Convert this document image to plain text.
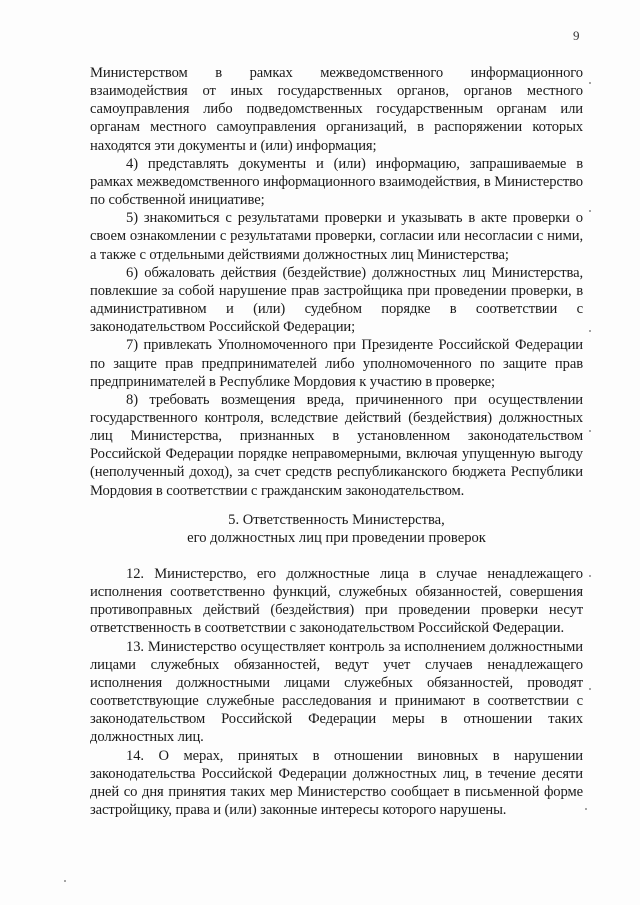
9

Министерством в рамках межведомственного информационного взаимодействия от иных государственных органов, органов местного самоуправления либо подведомственных государственным органам или органам местного самоуправления организаций, в распоряжении которых находятся эти документы и (или) информация;

4) представлять документы и (или) информацию, запрашиваемые в рамках межведомственного информационного взаимодействия, в Министерство по собственной инициативе;

5) знакомиться с результатами проверки и указывать в акте проверки о своем ознакомлении с результатами проверки, согласии или несогласии с ними, а также с отдельными действиями должностных лиц Министерства;

6) обжаловать действия (бездействие) должностных лиц Министерства, повлекшие за собой нарушение прав застройщика при проведении проверки, в административном и (или) судебном порядке в соответствии с законодательством Российской Федерации;

7) привлекать Уполномоченного при Президенте Российской Федерации по защите прав предпринимателей либо уполномоченного по защите прав предпринимателей в Республике Мордовия к участию в проверке;

8) требовать возмещения вреда, причиненного при осуществлении государственного контроля, вследствие действий (бездействия) должностных лиц Министерства, признанных в установленном законодательством Российской Федерации порядке неправомерными, включая упущенную выгоду (неполученный доход), за счет средств республиканского бюджета Республики Мордовия в соответствии с гражданским законодательством.

5. Ответственность Министерства,
его должностных лиц при проведении проверок

12. Министерство, его должностные лица в случае ненадлежащего исполнения соответственно функций, служебных обязанностей, совершения противоправных действий (бездействия) при проведении проверки несут ответственность в соответствии с законодательством Российской Федерации.

13. Министерство осуществляет контроль за исполнением должностными лицами служебных обязанностей, ведут учет случаев ненадлежащего исполнения должностными лицами служебных обязанностей, проводят соответствующие служебные расследования и принимают в соответствии с законодательством Российской Федерации меры в отношении таких должностных лиц.

14. О мерах, принятых в отношении виновных в нарушении законодательства Российской Федерации должностных лиц, в течение десяти дней со дня принятия таких мер Министерство сообщает в письменной форме застройщику, права и (или) законные интересы которого нарушены.
